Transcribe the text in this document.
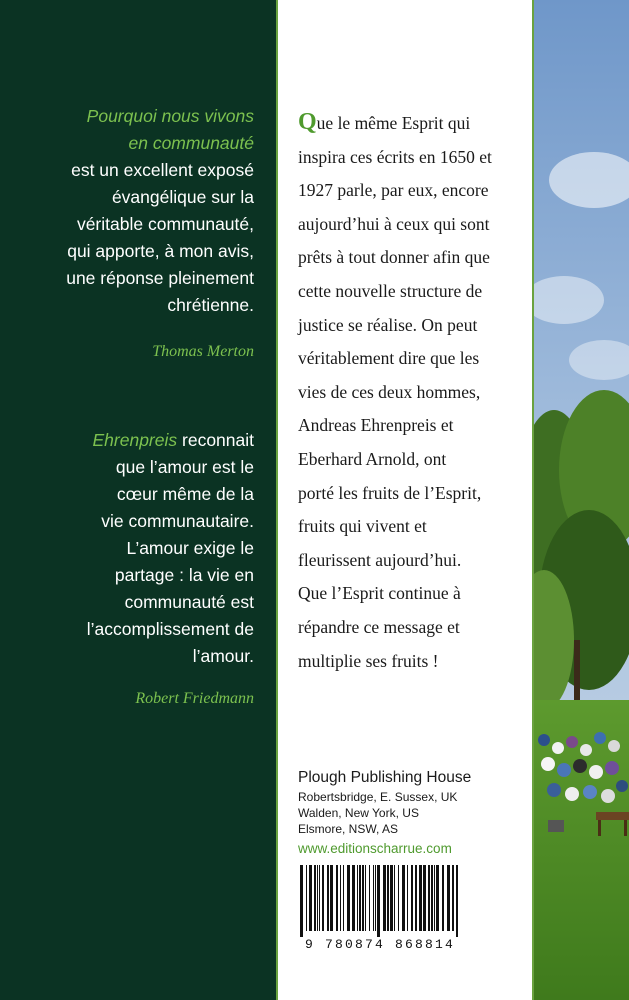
Pourquoi nous vivons
en communauté
est un excellent exposé
évangélique sur la
véritable communauté,
qui apporte, à mon avis,
une réponse pleinement
chrétienne.
Thomas Merton
Ehrenpreis reconnait
que l’amour est le
cœur même de la
vie communautaire.
L’amour exige le
partage : la vie en
communauté est
l’accomplissement de
l’amour.
Robert Friedmann
Que le même Esprit qui
inspira ces écrits en 1650 et
1927 parle, par eux, encore
aujourd’hui à ceux qui sont
prêts à tout donner afin que
cette nouvelle structure de
justice se réalise. On peut
véritablement dire que les
vies de ces deux hommes,
Andreas Ehrenpreis et
Eberhard Arnold, ont
porté les fruits de l’Esprit,
fruits qui vivent et
fleurissent aujourd’hui.
Que l’Esprit continue à
répandre ce message et
multiplie ses fruits !
Plough Publishing House
Robertsbridge, E. Sussex, UK
Walden, New York, US
Elsmore, NSW, AS
www.editionscharrue.com
9 780874 868814
